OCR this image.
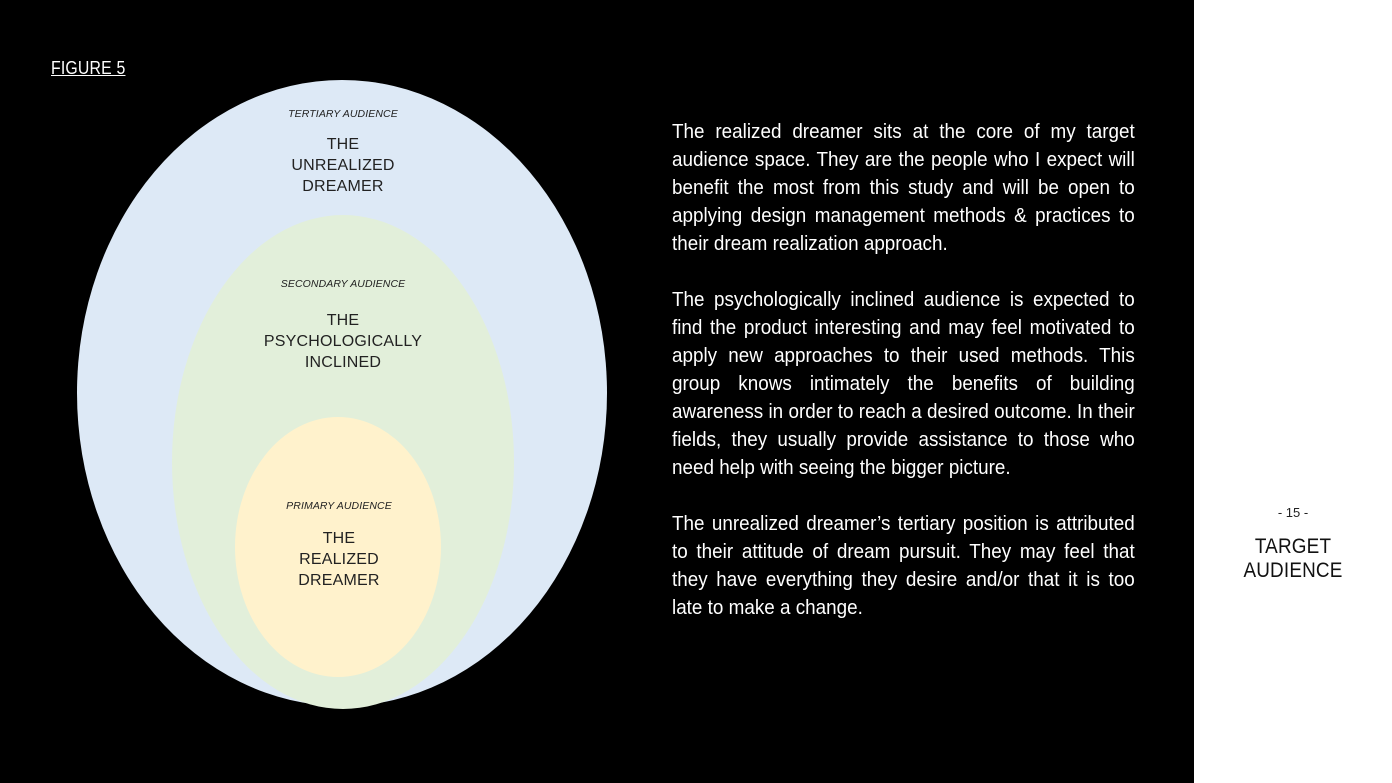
FIGURE 5
TERTIARY AUDIENCE
THE
UNREALIZED
DREAMER
SECONDARY AUDIENCE
THE
PSYCHOLOGICALLY
INCLINED
PRIMARY AUDIENCE
THE
REALIZED
DREAMER

The realized dreamer sits at the core of my target audience space. They are the people who I expect will benefit the most from this study and will be open to applying design management methods & practices to their dream realization approach.

The psychologically inclined audience is expected to find the product interesting and may feel motivated to apply new approaches to their used methods. This group knows intimately the benefits of building awareness in order to reach a desired outcome. In their fields, they usually provide assistance to those who need help with seeing the bigger picture.

The unrealized dreamer’s tertiary position is attributed to their attitude of dream pursuit. They may feel that they have everything they desire and/or that it is too late to make a change.

- 15 -
TARGET AUDIENCE
